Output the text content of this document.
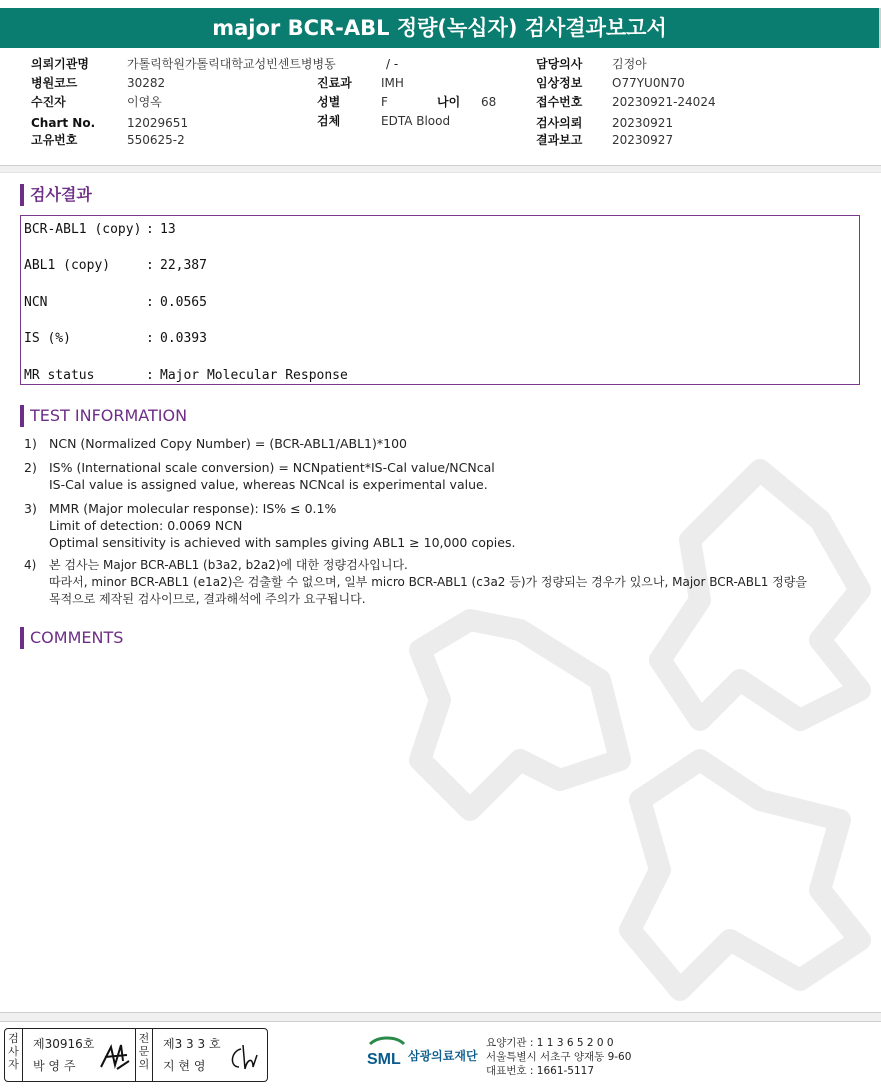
major BCR-ABL 정량(녹십자) 검사결과보고서
의뢰기관명	가톨릭학원가톨릭대학교성빈센트병병동
병원코드	30282
수진자	이영옥
Chart No.	12029651
고유번호	550625-2
/ -
진료과 IMH
성별	F	나이 68
검체	EDTA Blood
담당의사 김정아
임상정보 O77YU0N70
접수번호 20230921-24024
검사의뢰 20230921
결과보고 20230927
검사결과
BCR-ABL1 (copy) : 13
ABL1 (copy)	: 22,387
NCN	: 0.0565
IS (%)	: 0.0393
MR status	: Major Molecular Response
TEST INFORMATION
1) NCN (Normalized Copy Number) = (BCR-ABL1/ABL1)*100
2) IS% (International scale conversion) = NCNpatient*IS-Cal value/NCNcal
IS-Cal value is assigned value, whereas NCNcal is experimental value.
3) MMR (Major molecular response): IS% ≤ 0.1%
Limit of detection: 0.0069 NCN
Optimal sensitivity is achieved with samples giving ABL1 ≥ 10,000 copies.
4) 본 검사는 Major BCR-ABL1 (b3a2, b2a2)에 대한 정량검사입니다.
따라서, minor BCR-ABL1 (e1a2)은 검출할 수 없으며, 일부 micro BCR-ABL1 (c3a2 등)가 정량되는 경우가 있으나, Major BCR-ABL1 정량을
목적으로 제작된 검사이므로, 결과해석에 주의가 요구됩니다.
COMMENTS
검사자
제30916호
박 영 주
전문의
제3 3 3 호
지 현 영	SML 삼광의료재단
요양기관 : 1 1 3 6 5 2 0 0
서울특별시 서초구 양재동 9-60
대표번호 : 1661-5117
